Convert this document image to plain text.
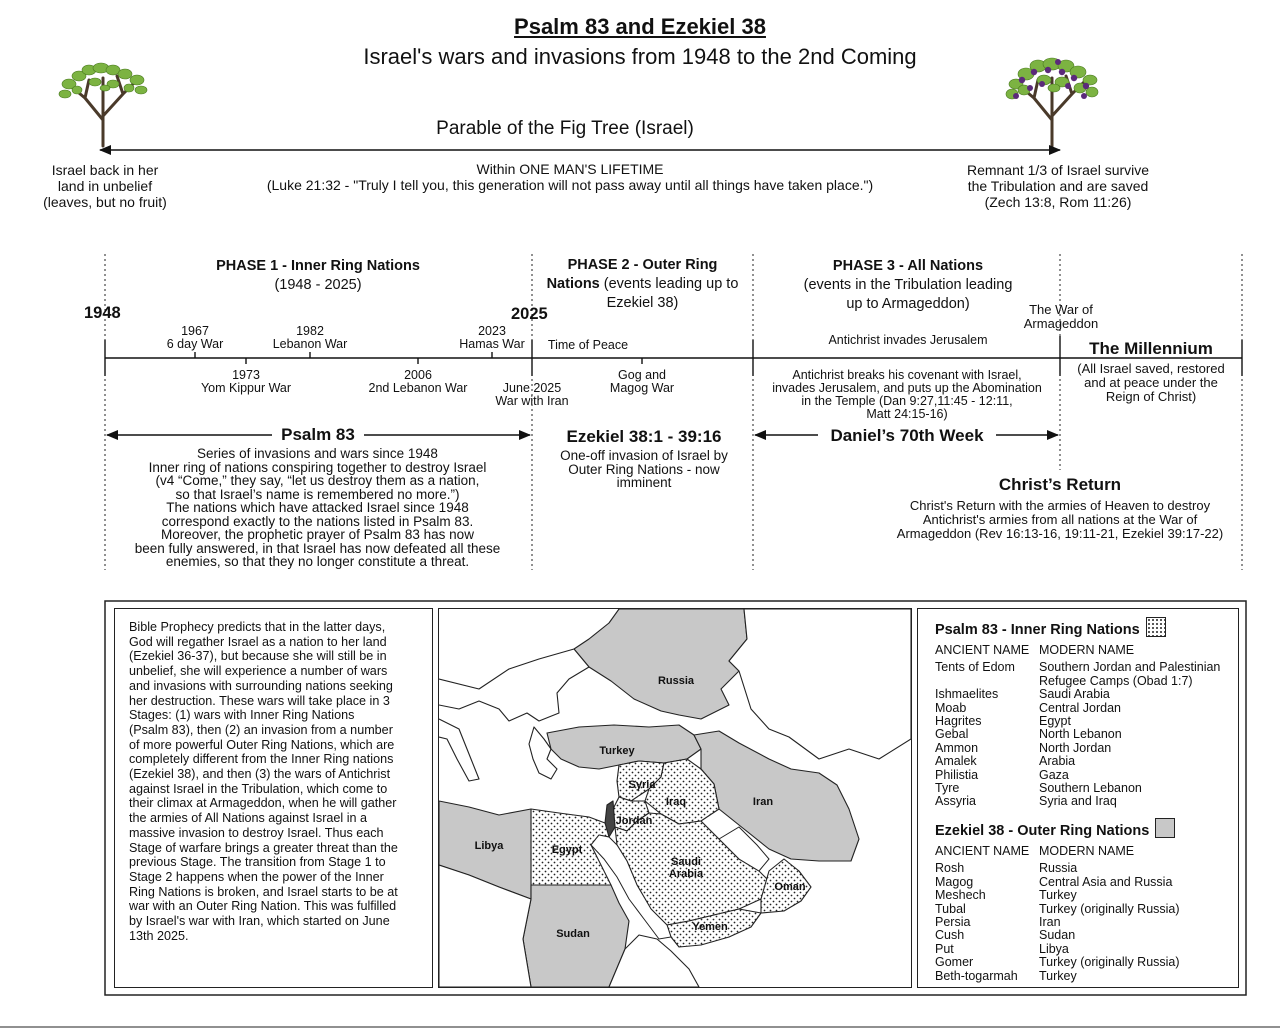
Psalm 83 and Ezekiel 38
Israel's wars and invasions from 1948 to the 2nd Coming
Parable of the Fig Tree (Israel)
Israel back in her
land in unbelief
(leaves, but no fruit)
Within ONE MAN'S LIFETIME
(Luke 21:32 - "Truly I tell you, this generation will not pass away until all things have taken place.")
Remnant 1/3 of Israel survive
the Tribulation and are saved
(Zech 13:8, Rom 11:26)
PHASE 1 - Inner Ring Nations
(1948 - 2025)
PHASE 2 - Outer Ring
Nations (events leading up to
Ezekiel 38)
PHASE 3 - All Nations
(events in the Tribulation leading
up to Armageddon)
1948	2025
1967
6 day War
1982
Lebanon War
2023
Hamas War	Time of Peace	Antichrist invades Jerusalem
The War of
Armageddon
The Millennium
1973
Yom Kippur War
2006
2nd Lebanon War	June 2025
War with Iran
Gog and
Magog War
Antichrist breaks his covenant with Israel,
invades Jerusalem, and puts up the Abomination
in the Temple (Dan 9:27,11:45 - 12:11,
Matt 24:15-16)
(All Israel saved, restored
and at peace under the
Reign of Christ)
Psalm 83	Ezekiel 38:1 - 39:16	Daniel’s 70th Week
Christ’s Return
Series of invasions and wars since 1948
Inner ring of nations conspiring together to destroy Israel
(v4 “Come,” they say, “let us destroy them as a nation,
so that Israel’s name is remembered no more.”)
The nations which have attacked Israel since 1948
correspond exactly to the nations listed in Psalm 83.
Moreover, the prophetic prayer of Psalm 83 has now
been fully answered, in that Israel has now defeated all these
enemies, so that they no longer constitute a threat.
One-off invasion of Israel by
Outer Ring Nations - now
imminent
Christ's Return with the armies of Heaven to destroy
Antichrist's armies from all nations at the War of
Armageddon (Rev 16:13-16, 19:11-21, Ezekiel 39:17-22)
Bible Prophecy predicts that in the latter days,
God will regather Israel as a nation to her land
(Ezekiel 36-37), but because she will still be in
unbelief, she will experience a number of wars
and invasions with surrounding nations seeking
her destruction. These wars will take place in 3
Stages: (1) wars with Inner Ring Nations
(Psalm 83), then (2) an invasion from a number
of more powerful Outer Ring Nations, which are
completely different from the Inner Ring nations
(Ezekiel 38), and then (3) the wars of Antichrist
against Israel in the Tribulation, which come to
their climax at Armageddon, when he will gather
the armies of All Nations against Israel in a
massive invasion to destroy Israel. Thus each
Stage of warfare brings a greater threat than the
previous Stage. The transition from Stage 1 to
Stage 2 happens when the power of the Inner
Ring Nations is broken, and Israel starts to be at
war with an Outer Ring Nation. This was fulfilled
by Israel's war with Iran, which started on June
13th 2025.
Russia
Turkey
Syria
Iraq	Iran
Libya	Egypt
Jordan
Saudi
Arabia
Oman
Yemen
Sudan
Psalm 83 - Inner Ring Nations
ANCIENT NAME MODERN NAME
Tents of Edom	Southern Jordan and Palestinian Refugee Camps (Obad 1:7)
Ishmaelites	Saudi Arabia
Moab	Central Jordan
Hagrites	Egypt
Gebal	North Lebanon
Ammon	North Jordan
Amalek	Arabia
Philistia	Gaza
Tyre	Southern Lebanon
Assyria	Syria and Iraq
Ezekiel 38 - Outer Ring Nations
ANCIENT NAME MODERN NAME
Rosh	Russia
Magog	Central Asia and Russia
Meshech	Turkey
Tubal	Turkey (originally Russia)
Persia	Iran
Cush	Sudan
Put	Libya
Gomer	Turkey (originally Russia)
Beth-togarmah	Turkey
